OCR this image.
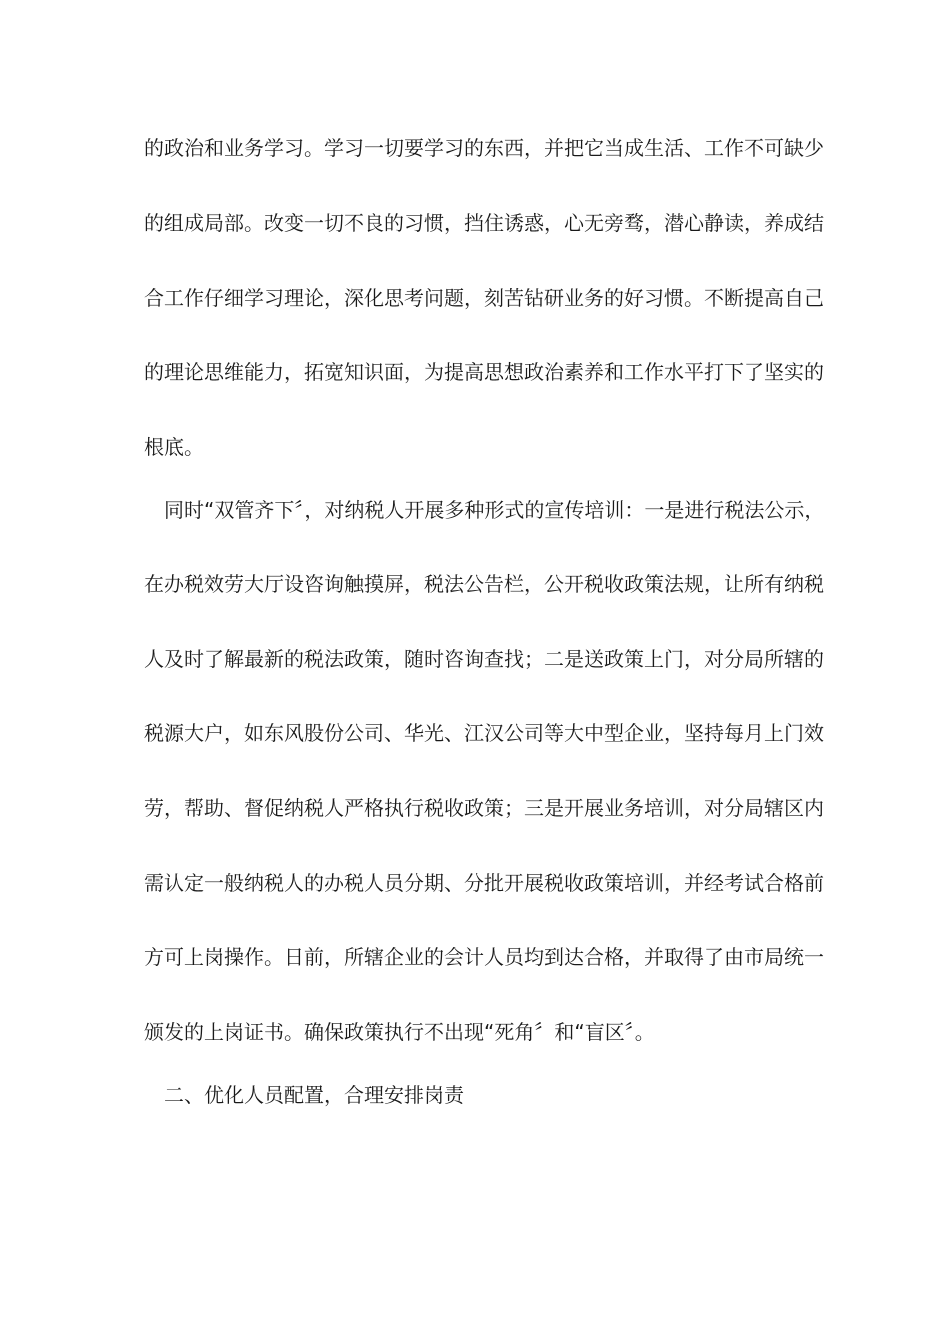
的政治和业务学习。学习一切要学习的东西，并把它当成生活、工作不可缺少
的组成局部。改变一切不良的习惯，挡住诱惑，心无旁骛，潜心静读，养成结
合工作仔细学习理论，深化思考问题，刻苦钻研业务的好习惯。不断提高自己
的理论思维能力，拓宽知识面，为提高思想政治素养和工作水平打下了坚实的
根底。
　同时“双管齐下〞，对纳税人开展多种形式的宣传培训：一是进行税法公示，
在办税效劳大厅设咨询触摸屏，税法公告栏，公开税收政策法规，让所有纳税
人及时了解最新的税法政策，随时咨询查找；二是送政策上门，对分局所辖的
税源大户，如东风股份公司、华光、江汉公司等大中型企业，坚持每月上门效
劳，帮助、督促纳税人严格执行税收政策；三是开展业务培训，对分局辖区内
需认定一般纳税人的办税人员分期、分批开展税收政策培训，并经考试合格前
方可上岗操作。日前，所辖企业的会计人员均到达合格，并取得了由市局统一
颁发的上岗证书。确保政策执行不出现“死角〞和“盲区〞。
　二、优化人员配置，合理安排岗责
